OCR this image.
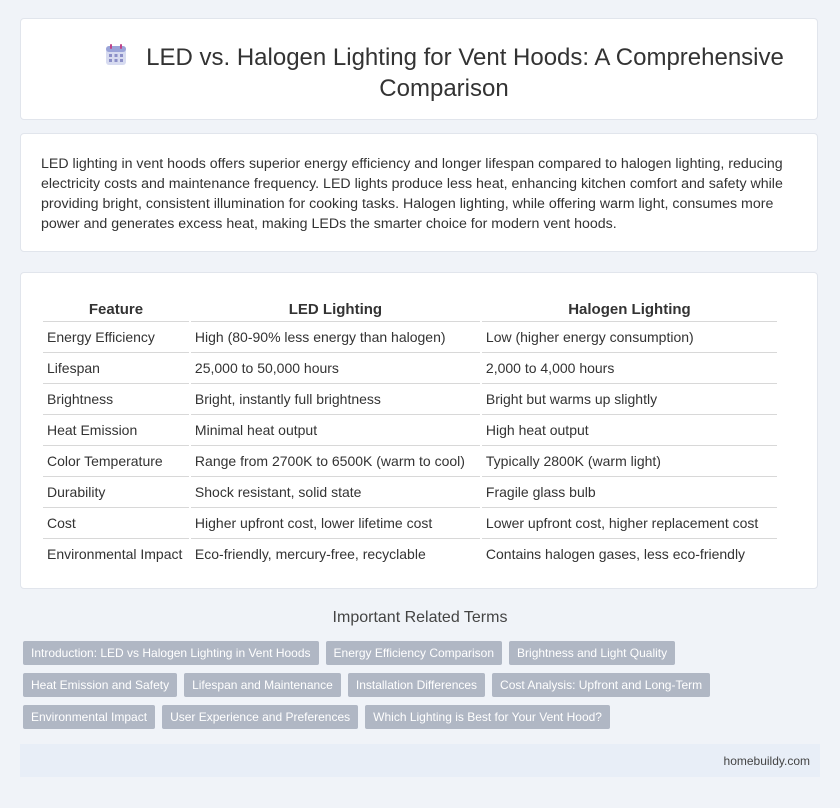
LED vs. Halogen Lighting for Vent Hoods: A Comprehensive Comparison

LED lighting in vent hoods offers superior energy efficiency and longer lifespan compared to halogen lighting, reducing electricity costs and maintenance frequency. LED lights produce less heat, enhancing kitchen comfort and safety while providing bright, consistent illumination for cooking tasks. Halogen lighting, while offering warm light, consumes more power and generates excess heat, making LEDs the smarter choice for modern vent hoods.

Feature	LED Lighting	Halogen Lighting
Energy Efficiency	High (80-90% less energy than halogen)	Low (higher energy consumption)
Lifespan	25,000 to 50,000 hours	2,000 to 4,000 hours
Brightness	Bright, instantly full brightness	Bright but warms up slightly
Heat Emission	Minimal heat output	High heat output
Color Temperature	Range from 2700K to 6500K (warm to cool)	Typically 2800K (warm light)
Durability	Shock resistant, solid state	Fragile glass bulb
Cost	Higher upfront cost, lower lifetime cost	Lower upfront cost, higher replacement cost
Environmental Impact	Eco-friendly, mercury-free, recyclable	Contains halogen gases, less eco-friendly
Important Related Terms
Introduction: LED vs Halogen Lighting in Vent Hoods	Energy Efficiency Comparison	Brightness and Light Quality
Heat Emission and Safety	Lifespan and Maintenance	Installation Differences	Cost Analysis: Upfront and Long-Term
Environmental Impact	User Experience and Preferences	Which Lighting is Best for Your Vent Hood?
homebuildy.com
